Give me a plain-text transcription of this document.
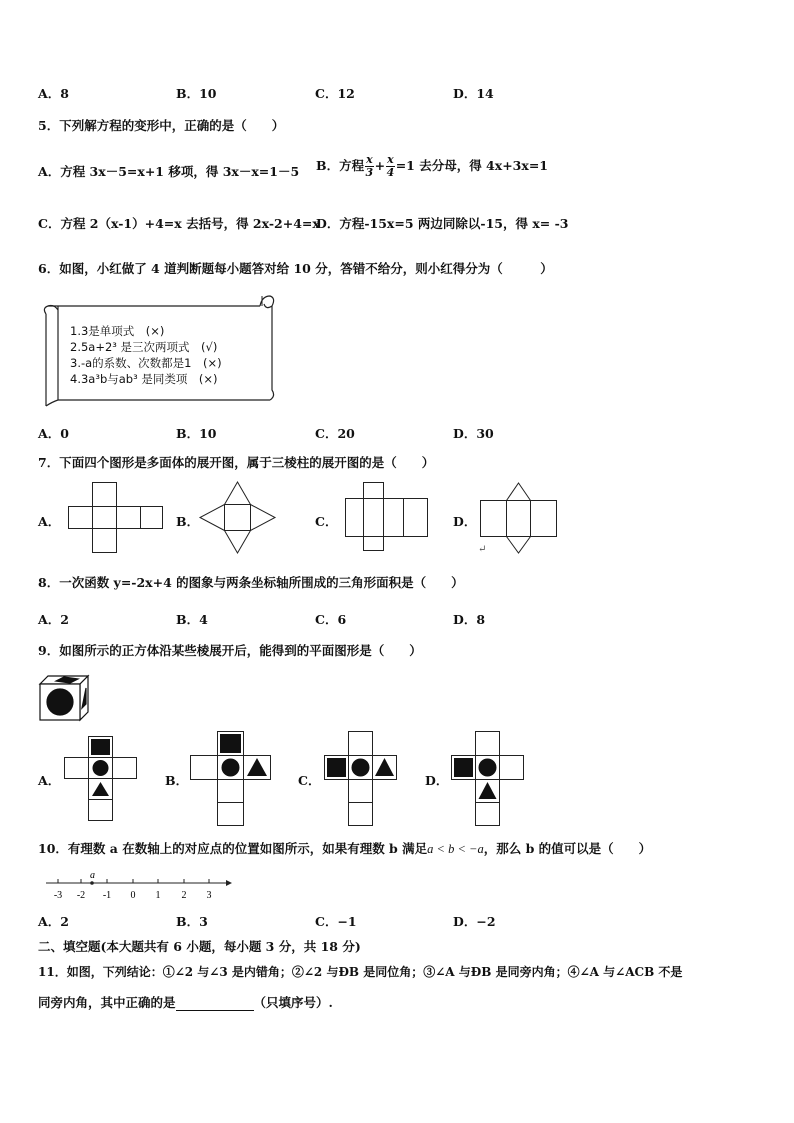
A．8	B．10	C．12	D．14
5．下列解方程的变形中，正确的是（　　）
A．方程 3x－5=x+1 移项，得 3x－x=1－5 B．方程 $\frac{x}{3} + \frac{x}{4} =1$ 去分母，得 4x+3x=1
C．方程 2（x-1）+4=x 去括号，得 2x-2+4=x
D．方程-15x=5 两边同除以-15，得 x= -3
6．如图，小红做了 4 道判断题每小题答对给 10 分，答错不给分，则小红得分为（　　　）
1.3是单项式　(×)
2.5a+2³ 是三次两项式　(√)
3.-a的系数、次数都是1　(×)
4.3a³b与ab³ 是同类项　(×)
A．0	B．10	C．20	D．30
7．下面四个图形是多面体的展开图，属于三棱柱的展开图的是（　　）
A．	B．	C．	D．
↵
8．一次函数 y=-2x+4 的图象与两条坐标轴所围成的三角形面积是（　　）
A．2	B．4	C．6	D．8
9．如图所示的正方体沿某些棱展开后，能得到的平面图形是（　　）
A．	B．	C．	D．
10．有理数 a 在数轴上的对应点的位置如图所示，如果有理数 b 满足a < b < −a，那么 b 的值可以是（　　）
a
-3 -2 -1 0 1 2 3
A．2	B．3	C．−1	D．−2
二、填空题(本大题共有 6 小题，每小题 3 分，共 18 分)
11．如图，下列结论：①∠2 与∠3 是内错角；②∠2 与ÐB 是同位角；③∠A 与ÐB 是同旁内角；④∠A 与∠ACB 不是
同旁内角，其中正确的是	（只填序号）.
